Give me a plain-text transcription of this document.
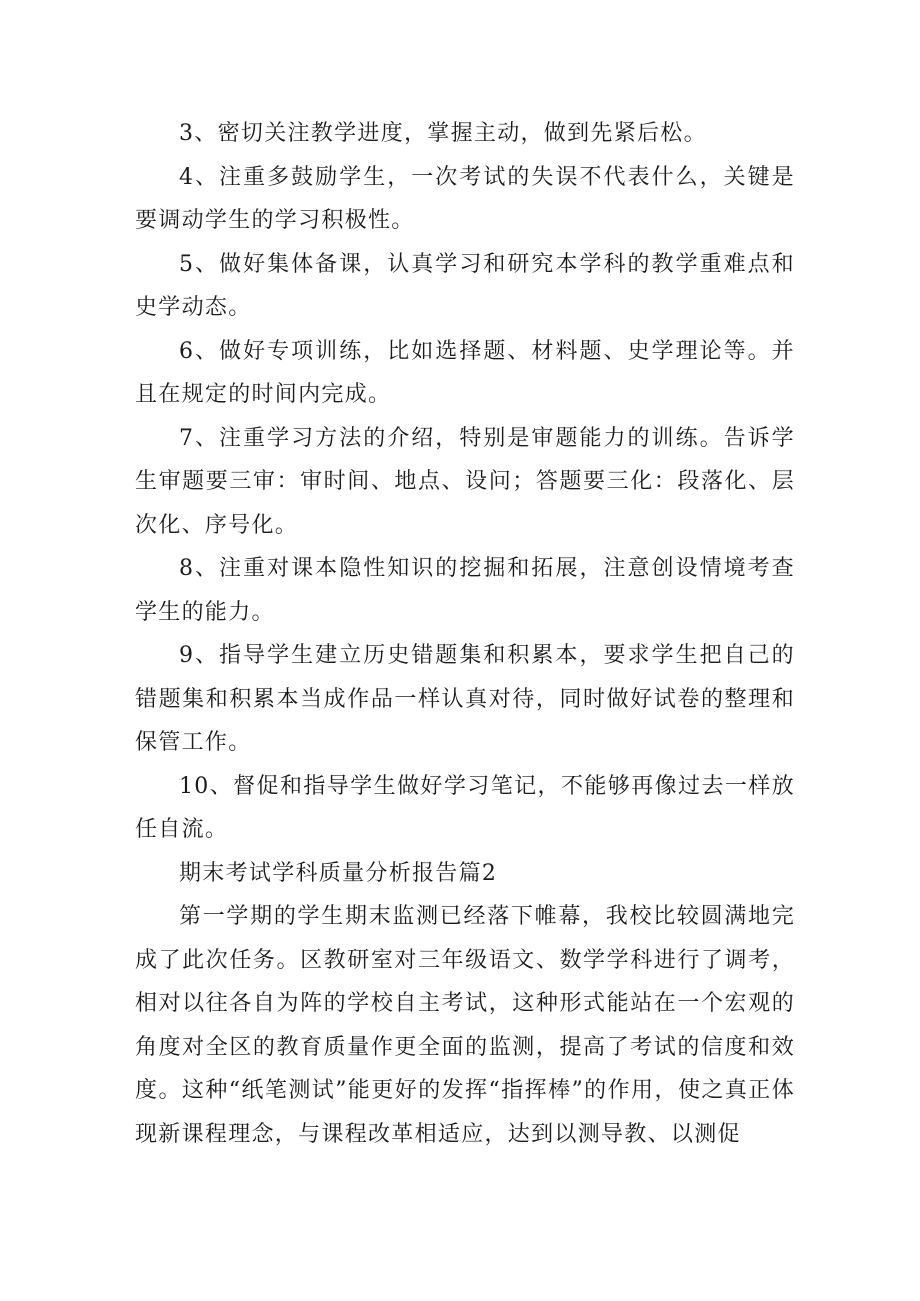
3、密切关注教学进度，掌握主动，做到先紧后松。

4、注重多鼓励学生，一次考试的失误不代表什么，关键是要调动学生的学习积极性。

5、做好集体备课，认真学习和研究本学科的教学重难点和史学动态。

6、做好专项训练，比如选择题、材料题、史学理论等。并且在规定的时间内完成。

7、注重学习方法的介绍，特别是审题能力的训练。告诉学生审题要三审：审时间、地点、设问；答题要三化：段落化、层次化、序号化。

8、注重对课本隐性知识的挖掘和拓展，注意创设情境考查学生的能力。

9、指导学生建立历史错题集和积累本，要求学生把自己的错题集和积累本当成作品一样认真对待，同时做好试卷的整理和保管工作。

10、督促和指导学生做好学习笔记，不能够再像过去一样放任自流。

期末考试学科质量分析报告篇2

第一学期的学生期末监测已经落下帷幕，我校比较圆满地完成了此次任务。区教研室对三年级语文、数学学科进行了调考，相对以往各自为阵的学校自主考试，这种形式能站在一个宏观的角度对全区的教育质量作更全面的监测，提高了考试的信度和效度。这种“纸笔测试”能更好的发挥“指挥棒”的作用，使之真正体现新课程理念，与课程改革相适应，达到以测导教、以测促
